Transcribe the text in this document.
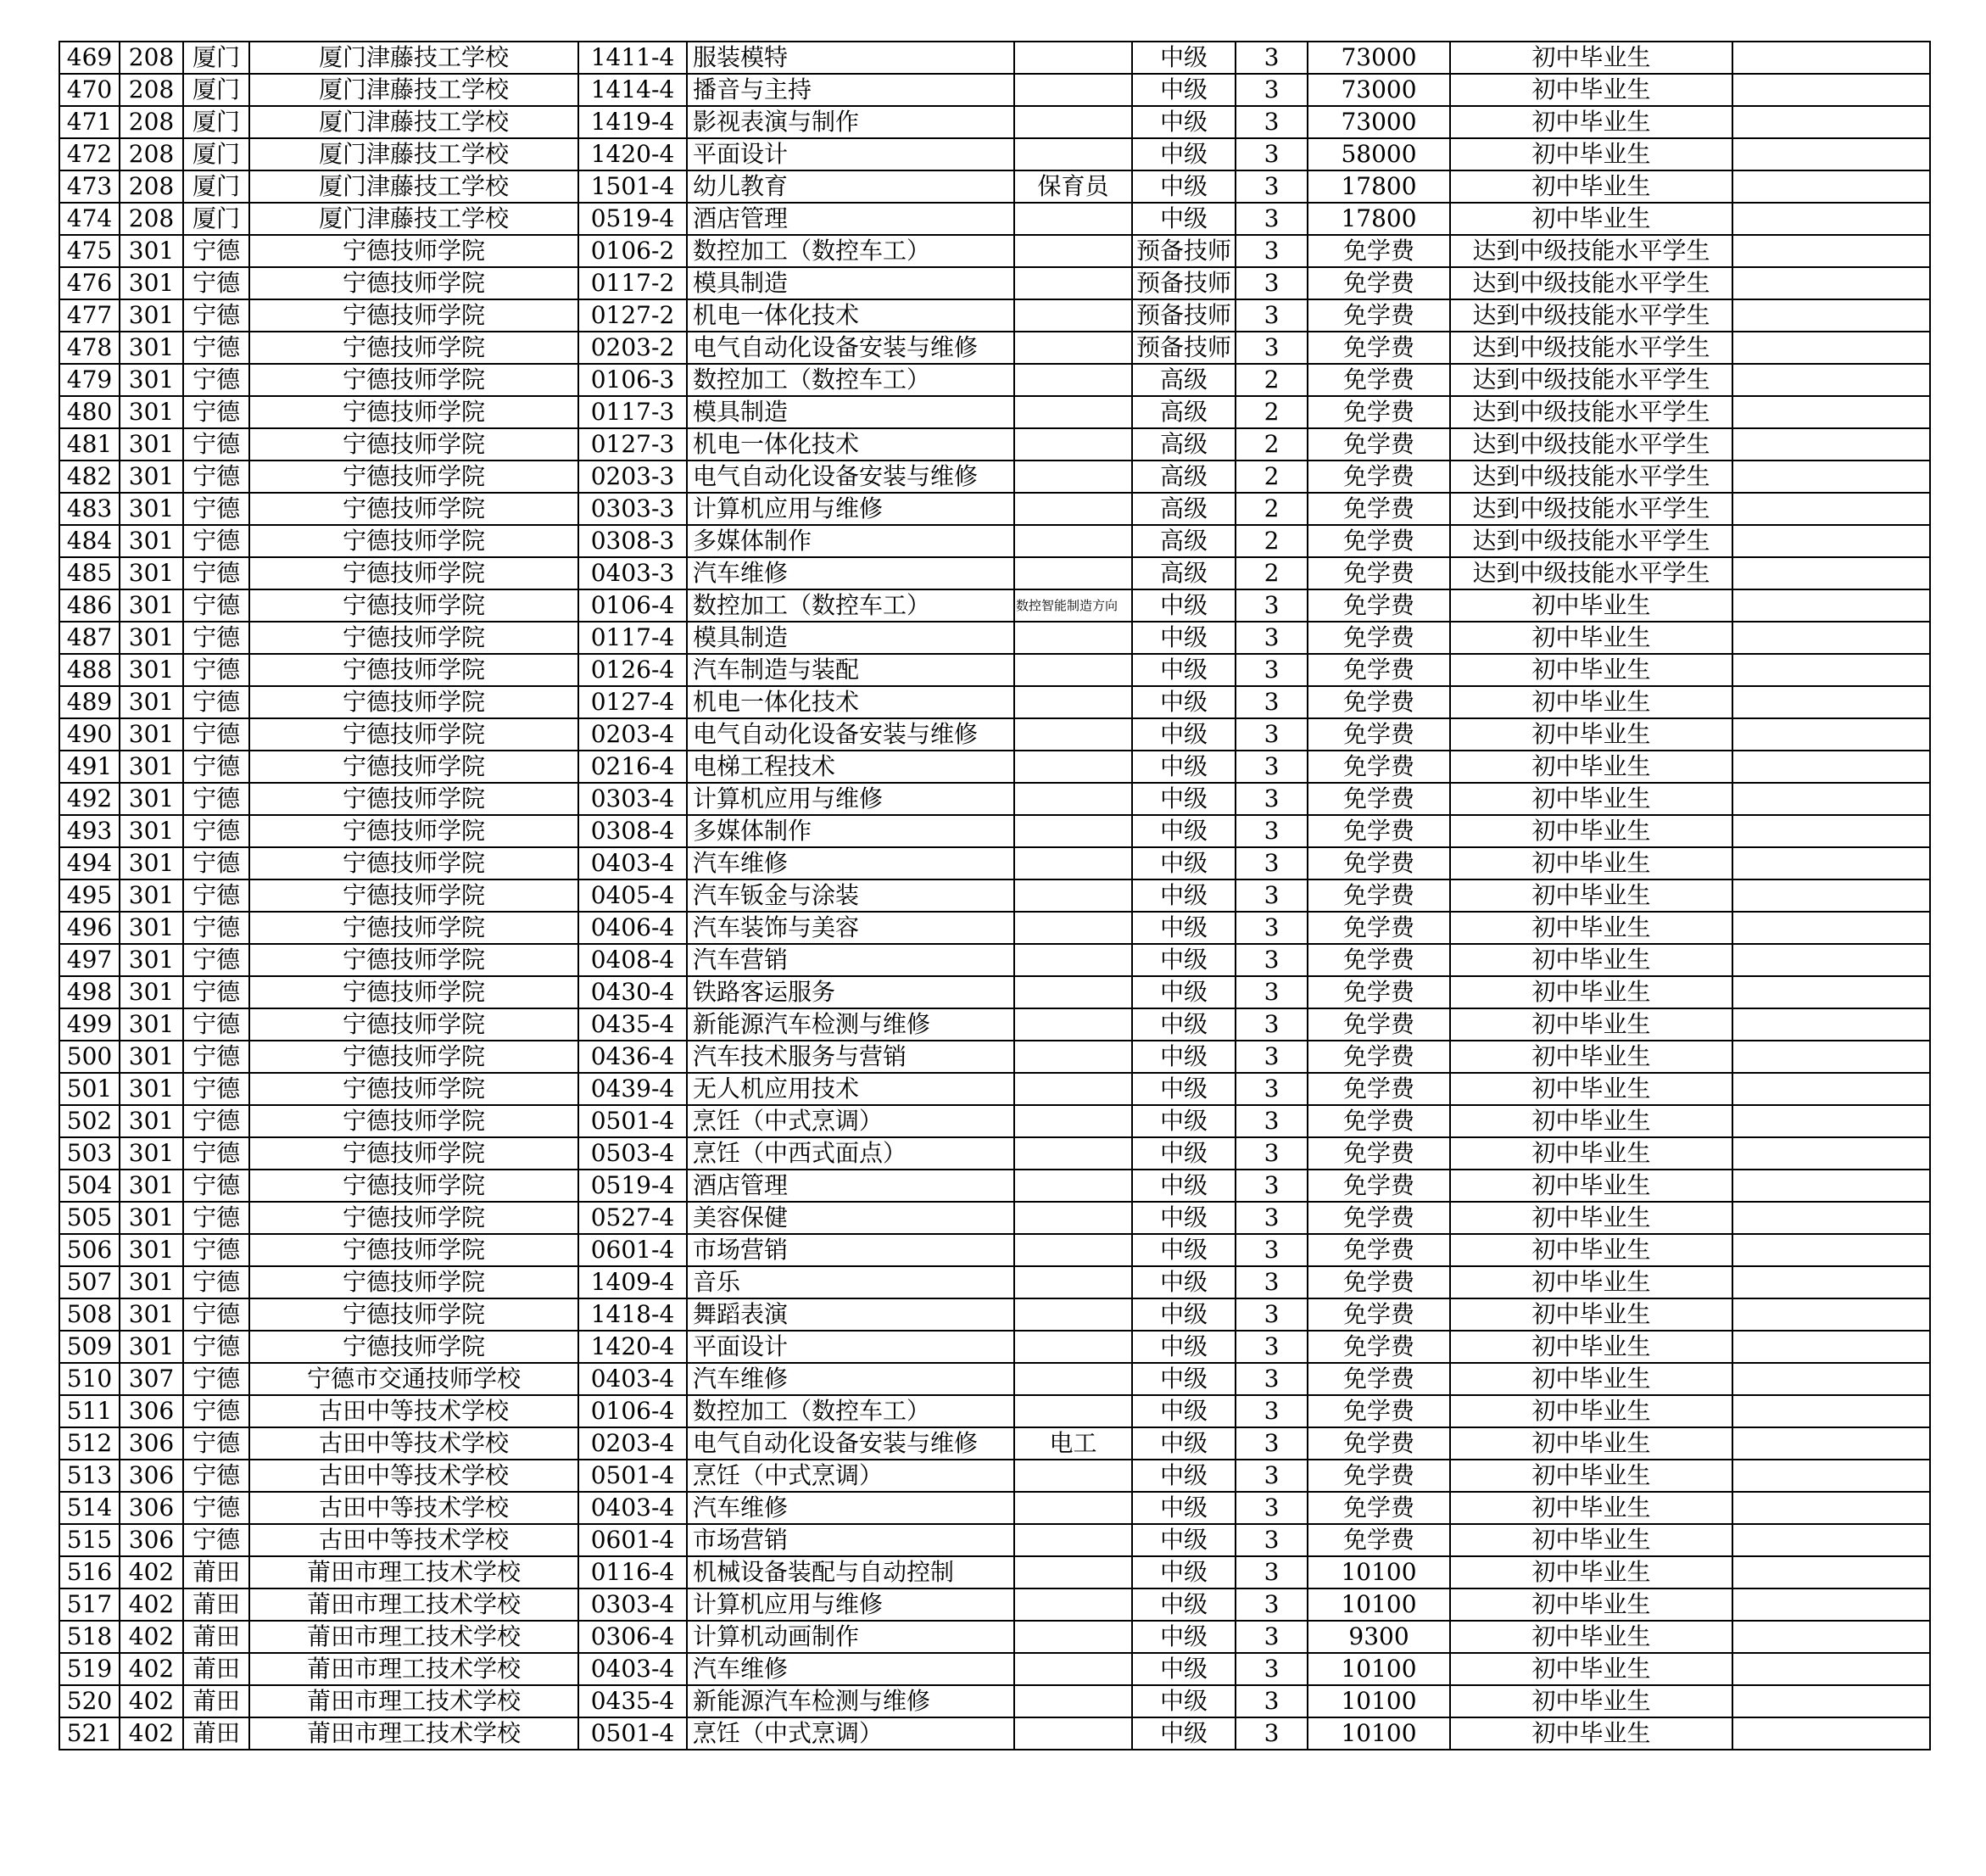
469	208	厦门	厦门津藤技工学校	1411-4	服装模特		中级	3	73000	初中毕业生	
470	208	厦门	厦门津藤技工学校	1414-4	播音与主持		中级	3	73000	初中毕业生	
471	208	厦门	厦门津藤技工学校	1419-4	影视表演与制作		中级	3	73000	初中毕业生	
472	208	厦门	厦门津藤技工学校	1420-4	平面设计		中级	3	58000	初中毕业生	
473	208	厦门	厦门津藤技工学校	1501-4	幼儿教育	保育员	中级	3	17800	初中毕业生	
474	208	厦门	厦门津藤技工学校	0519-4	酒店管理		中级	3	17800	初中毕业生	
475	301	宁德	宁德技师学院	0106-2	数控加工（数控车工）		预备技师	3	免学费	达到中级技能水平学生	
476	301	宁德	宁德技师学院	0117-2	模具制造		预备技师	3	免学费	达到中级技能水平学生	
477	301	宁德	宁德技师学院	0127-2	机电一体化技术		预备技师	3	免学费	达到中级技能水平学生	
478	301	宁德	宁德技师学院	0203-2	电气自动化设备安装与维修		预备技师	3	免学费	达到中级技能水平学生	
479	301	宁德	宁德技师学院	0106-3	数控加工（数控车工）		高级	2	免学费	达到中级技能水平学生	
480	301	宁德	宁德技师学院	0117-3	模具制造		高级	2	免学费	达到中级技能水平学生	
481	301	宁德	宁德技师学院	0127-3	机电一体化技术		高级	2	免学费	达到中级技能水平学生	
482	301	宁德	宁德技师学院	0203-3	电气自动化设备安装与维修		高级	2	免学费	达到中级技能水平学生	
483	301	宁德	宁德技师学院	0303-3	计算机应用与维修		高级	2	免学费	达到中级技能水平学生	
484	301	宁德	宁德技师学院	0308-3	多媒体制作		高级	2	免学费	达到中级技能水平学生	
485	301	宁德	宁德技师学院	0403-3	汽车维修		高级	2	免学费	达到中级技能水平学生	
486	301	宁德	宁德技师学院	0106-4	数控加工（数控车工）	数控智能制造方向	中级	3	免学费	初中毕业生	
487	301	宁德	宁德技师学院	0117-4	模具制造		中级	3	免学费	初中毕业生	
488	301	宁德	宁德技师学院	0126-4	汽车制造与装配		中级	3	免学费	初中毕业生	
489	301	宁德	宁德技师学院	0127-4	机电一体化技术		中级	3	免学费	初中毕业生	
490	301	宁德	宁德技师学院	0203-4	电气自动化设备安装与维修		中级	3	免学费	初中毕业生	
491	301	宁德	宁德技师学院	0216-4	电梯工程技术		中级	3	免学费	初中毕业生	
492	301	宁德	宁德技师学院	0303-4	计算机应用与维修		中级	3	免学费	初中毕业生	
493	301	宁德	宁德技师学院	0308-4	多媒体制作		中级	3	免学费	初中毕业生	
494	301	宁德	宁德技师学院	0403-4	汽车维修		中级	3	免学费	初中毕业生	
495	301	宁德	宁德技师学院	0405-4	汽车钣金与涂装		中级	3	免学费	初中毕业生	
496	301	宁德	宁德技师学院	0406-4	汽车装饰与美容		中级	3	免学费	初中毕业生	
497	301	宁德	宁德技师学院	0408-4	汽车营销		中级	3	免学费	初中毕业生	
498	301	宁德	宁德技师学院	0430-4	铁路客运服务		中级	3	免学费	初中毕业生	
499	301	宁德	宁德技师学院	0435-4	新能源汽车检测与维修		中级	3	免学费	初中毕业生	
500	301	宁德	宁德技师学院	0436-4	汽车技术服务与营销		中级	3	免学费	初中毕业生	
501	301	宁德	宁德技师学院	0439-4	无人机应用技术		中级	3	免学费	初中毕业生	
502	301	宁德	宁德技师学院	0501-4	烹饪（中式烹调）		中级	3	免学费	初中毕业生	
503	301	宁德	宁德技师学院	0503-4	烹饪（中西式面点）		中级	3	免学费	初中毕业生	
504	301	宁德	宁德技师学院	0519-4	酒店管理		中级	3	免学费	初中毕业生	
505	301	宁德	宁德技师学院	0527-4	美容保健		中级	3	免学费	初中毕业生	
506	301	宁德	宁德技师学院	0601-4	市场营销		中级	3	免学费	初中毕业生	
507	301	宁德	宁德技师学院	1409-4	音乐		中级	3	免学费	初中毕业生	
508	301	宁德	宁德技师学院	1418-4	舞蹈表演		中级	3	免学费	初中毕业生	
509	301	宁德	宁德技师学院	1420-4	平面设计		中级	3	免学费	初中毕业生	
510	307	宁德	宁德市交通技师学校	0403-4	汽车维修		中级	3	免学费	初中毕业生	
511	306	宁德	古田中等技术学校	0106-4	数控加工（数控车工）		中级	3	免学费	初中毕业生	
512	306	宁德	古田中等技术学校	0203-4	电气自动化设备安装与维修	电工	中级	3	免学费	初中毕业生	
513	306	宁德	古田中等技术学校	0501-4	烹饪（中式烹调）		中级	3	免学费	初中毕业生	
514	306	宁德	古田中等技术学校	0403-4	汽车维修		中级	3	免学费	初中毕业生	
515	306	宁德	古田中等技术学校	0601-4	市场营销		中级	3	免学费	初中毕业生	
516	402	莆田	莆田市理工技术学校	0116-4	机械设备装配与自动控制		中级	3	10100	初中毕业生	
517	402	莆田	莆田市理工技术学校	0303-4	计算机应用与维修		中级	3	10100	初中毕业生	
518	402	莆田	莆田市理工技术学校	0306-4	计算机动画制作		中级	3	9300	初中毕业生	
519	402	莆田	莆田市理工技术学校	0403-4	汽车维修		中级	3	10100	初中毕业生	
520	402	莆田	莆田市理工技术学校	0435-4	新能源汽车检测与维修		中级	3	10100	初中毕业生	
521	402	莆田	莆田市理工技术学校	0501-4	烹饪（中式烹调）		中级	3	10100	初中毕业生	
